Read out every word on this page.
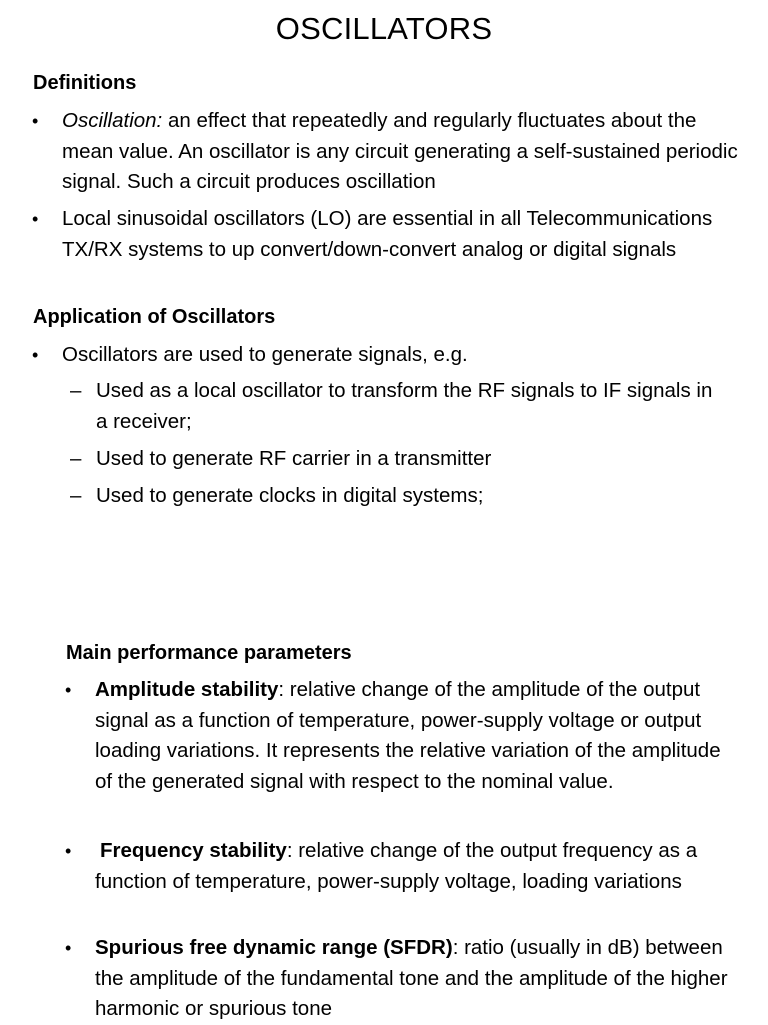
OSCILLATORS
Definitions
• Oscillation: an effect that repeatedly and regularly fluctuates about the mean value. An oscillator is any circuit generating a self-sustained periodic signal. Such a circuit produces oscillation
• Local sinusoidal oscillators (LO) are essential in all Telecommunications TX/RX systems to up convert/down-convert analog or digital signals
Application of Oscillators
• Oscillators are used to generate signals, e.g.
– Used as a local oscillator to transform the RF signals to IF signals in a receiver;
– Used to generate RF carrier in a transmitter
– Used to generate clocks in digital systems;
Main performance parameters
• Amplitude stability: relative change of the amplitude of the output signal as a function of temperature, power-supply voltage or output loading variations. It represents the relative variation of the amplitude of the generated signal with respect to the nominal value.
• Frequency stability: relative change of the output frequency as a function of temperature, power-supply voltage, loading variations
• Spurious free dynamic range (SFDR): ratio (usually in dB) between the amplitude of the fundamental tone and the amplitude of the higher harmonic or spurious tone
